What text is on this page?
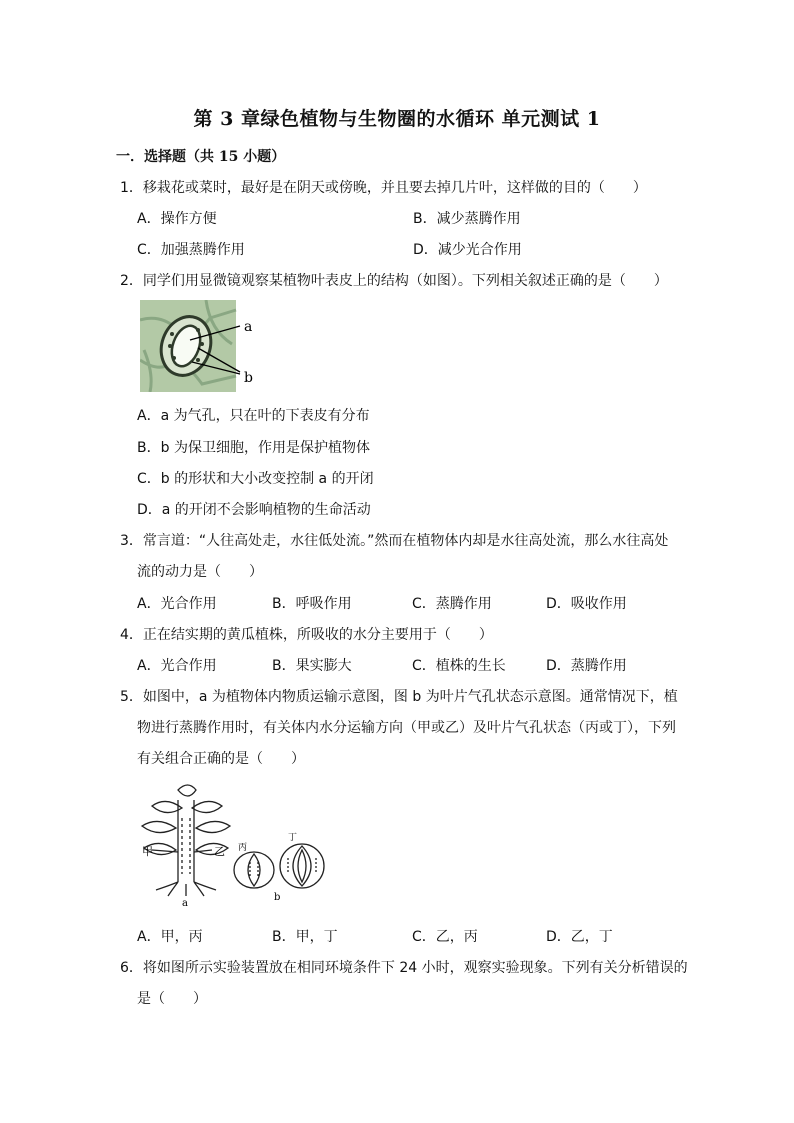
第 3 章绿色植物与生物圈的水循环 单元测试 1
一．选择题（共 15 小题）
1．移栽花或菜时，最好是在阴天或傍晚，并且要去掉几片叶，这样做的目的（　　）
A．操作方便	B．减少蒸腾作用
C．加强蒸腾作用	D．减少光合作用
2．同学们用显微镜观察某植物叶表皮上的结构（如图）。下列相关叙述正确的是（　　）
a
b
A．a 为气孔，只在叶的下表皮有分布
B．b 为保卫细胞，作用是保护植物体
C．b 的形状和大小改变控制 a 的开闭
D．a 的开闭不会影响植物的生命活动
3．常言道：“人往高处走，水往低处流。”然而在植物体内却是水往高处流，那么水往高处
流的动力是（　　）
A．光合作用	B．呼吸作用	C．蒸腾作用	D．吸收作用
4．正在结实期的黄瓜植株，所吸收的水分主要用于（　　）
A．光合作用	B．果实膨大	C．植株的生长	D．蒸腾作用
5．如图中，a 为植物体内物质运输示意图，图 b 为叶片气孔状态示意图。通常情况下，植
物进行蒸腾作用时，有关体内水分运输方向（甲或乙）及叶片气孔状态（丙或丁），下列
有关组合正确的是（　　）
甲	乙
a
丙
丁
b
A．甲，丙	B．甲，丁	C．乙，丙	D．乙，丁
6．将如图所示实验装置放在相同环境条件下 24 小时，观察实验现象。下列有关分析错误的
是（　　）
